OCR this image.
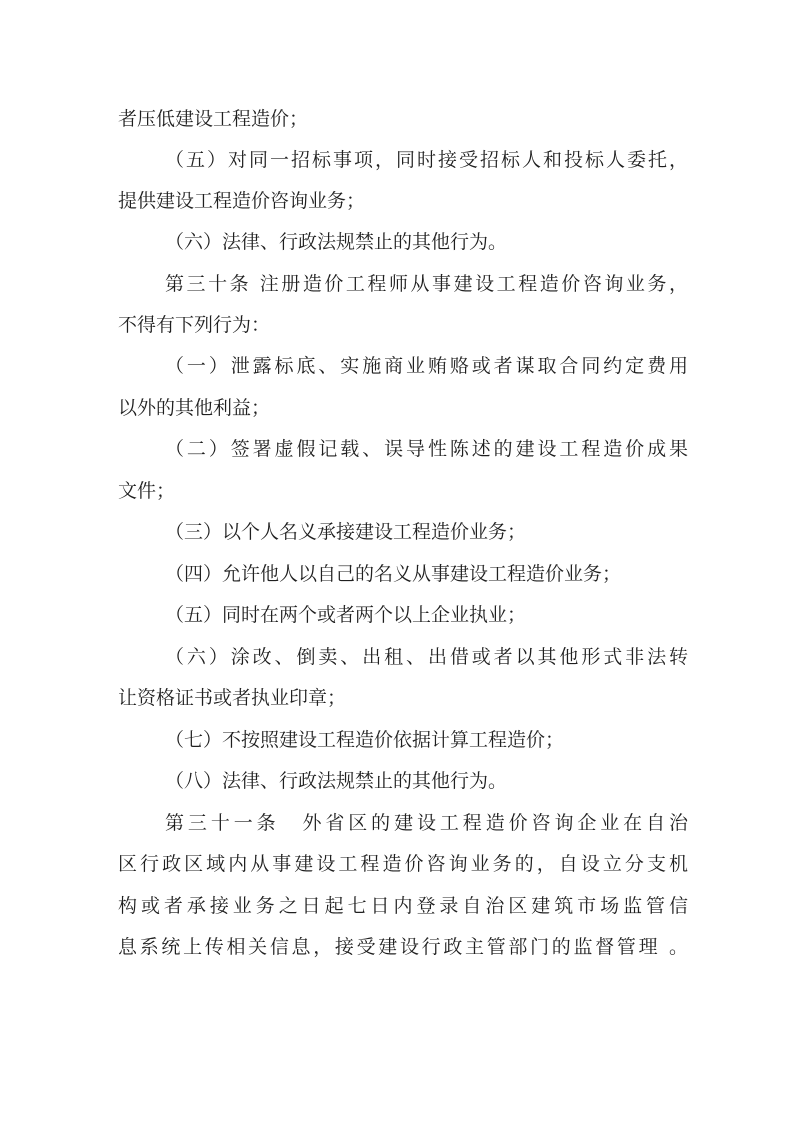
者压低建设工程造价；
（五）对同一招标事项，同时接受招标人和投标人委托，
提供建设工程造价咨询业务；
（六）法律、行政法规禁止的其他行为。
第三十条 注册造价工程师从事建设工程造价咨询业务，
不得有下列行为：
（一）泄露标底、实施商业贿赂或者谋取合同约定费用
以外的其他利益；
（二）签署虚假记载、误导性陈述的建设工程造价成果
文件；
（三）以个人名义承接建设工程造价业务；
（四）允许他人以自己的名义从事建设工程造价业务；
（五）同时在两个或者两个以上企业执业；
（六）涂改、倒卖、出租、出借或者以其他形式非法转
让资格证书或者执业印章；
（七）不按照建设工程造价依据计算工程造价；
（八）法律、行政法规禁止的其他行为。
第三十一条　外省区的建设工程造价咨询企业在自治
区行政区域内从事建设工程造价咨询业务的，自设立分支机
构或者承接业务之日起七日内登录自治区建筑市场监管信
息系统上传相关信息，接受建设行政主管部门的监督管理 。
